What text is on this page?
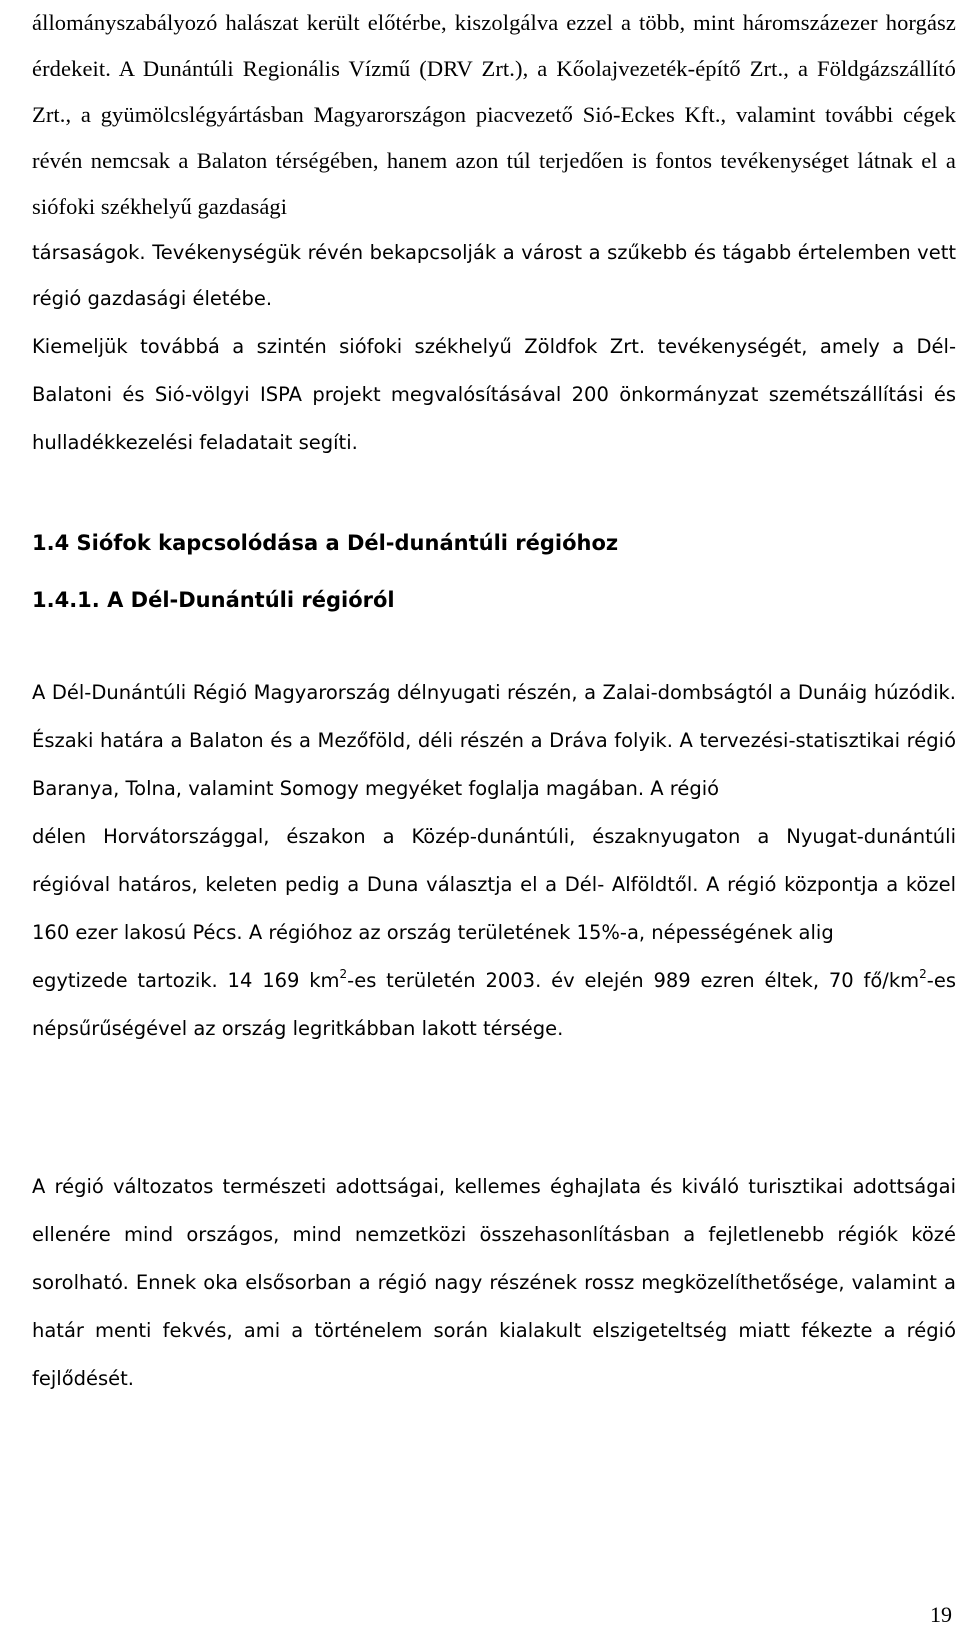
állományszabályozó halászat került előtérbe, kiszolgálva ezzel a több, mint háromszázezer horgász érdekeit. A Dunántúli Regionális Vízmű (DRV Zrt.), a Kőolajvezeték-építő Zrt., a Földgázszállító Zrt., a gyümölcslégyártásban Magyarországon piacvezető Sió-Eckes Kft., valamint további cégek révén nemcsak a Balaton térségében, hanem azon túl terjedően is fontos tevékenységet látnak el a siófoki székhelyű gazdasági

társaságok. Tevékenységük révén bekapcsolják a várost a szűkebb és tágabb értelemben vett régió gazdasági életébe.

Kiemeljük továbbá a szintén siófoki székhelyű Zöldfok Zrt. tevékenységét, amely a Dél-Balatoni és Sió-völgyi ISPA projekt megvalósításával 200 önkormányzat szemétszállítási és hulladékkezelési feladatait segíti.

1.4 Siófok kapcsolódása a Dél-dunántúli régióhoz
1.4.1. A Dél-Dunántúli régióról

A Dél-Dunántúli Régió Magyarország délnyugati részén, a Zalai-dombságtól a Dunáig húzódik. Északi határa a Balaton és a Mezőföld, déli részén a Dráva folyik. A tervezési-statisztikai régió Baranya, Tolna, valamint Somogy megyéket foglalja magában. A régió

délen Horvátországgal, északon a Közép-dunántúli, északnyugaton a Nyugat-dunántúli régióval határos, keleten pedig a Duna választja el a Dél- Alföldtől. A régió központja a közel 160 ezer lakosú Pécs. A régióhoz az ország területének 15%-a, népességének alig

egytizede tartozik. 14 169 $km^2-es$ területén 2003. év elején 989 ezren éltek, 70 $fő/km^2-es$ népsűrűségével az ország legritkábban lakott térsége.

A régió változatos természeti adottságai, kellemes éghajlata és kiváló turisztikai adottságai ellenére mind országos, mind nemzetközi összehasonlításban a fejletlenebb régiók közé sorolható. Ennek oka elsősorban a régió nagy részének rossz megközelíthetősége, valamint a határ menti fekvés, ami a történelem során kialakult elszigeteltség miatt fékezte a régió fejlődését.

19
